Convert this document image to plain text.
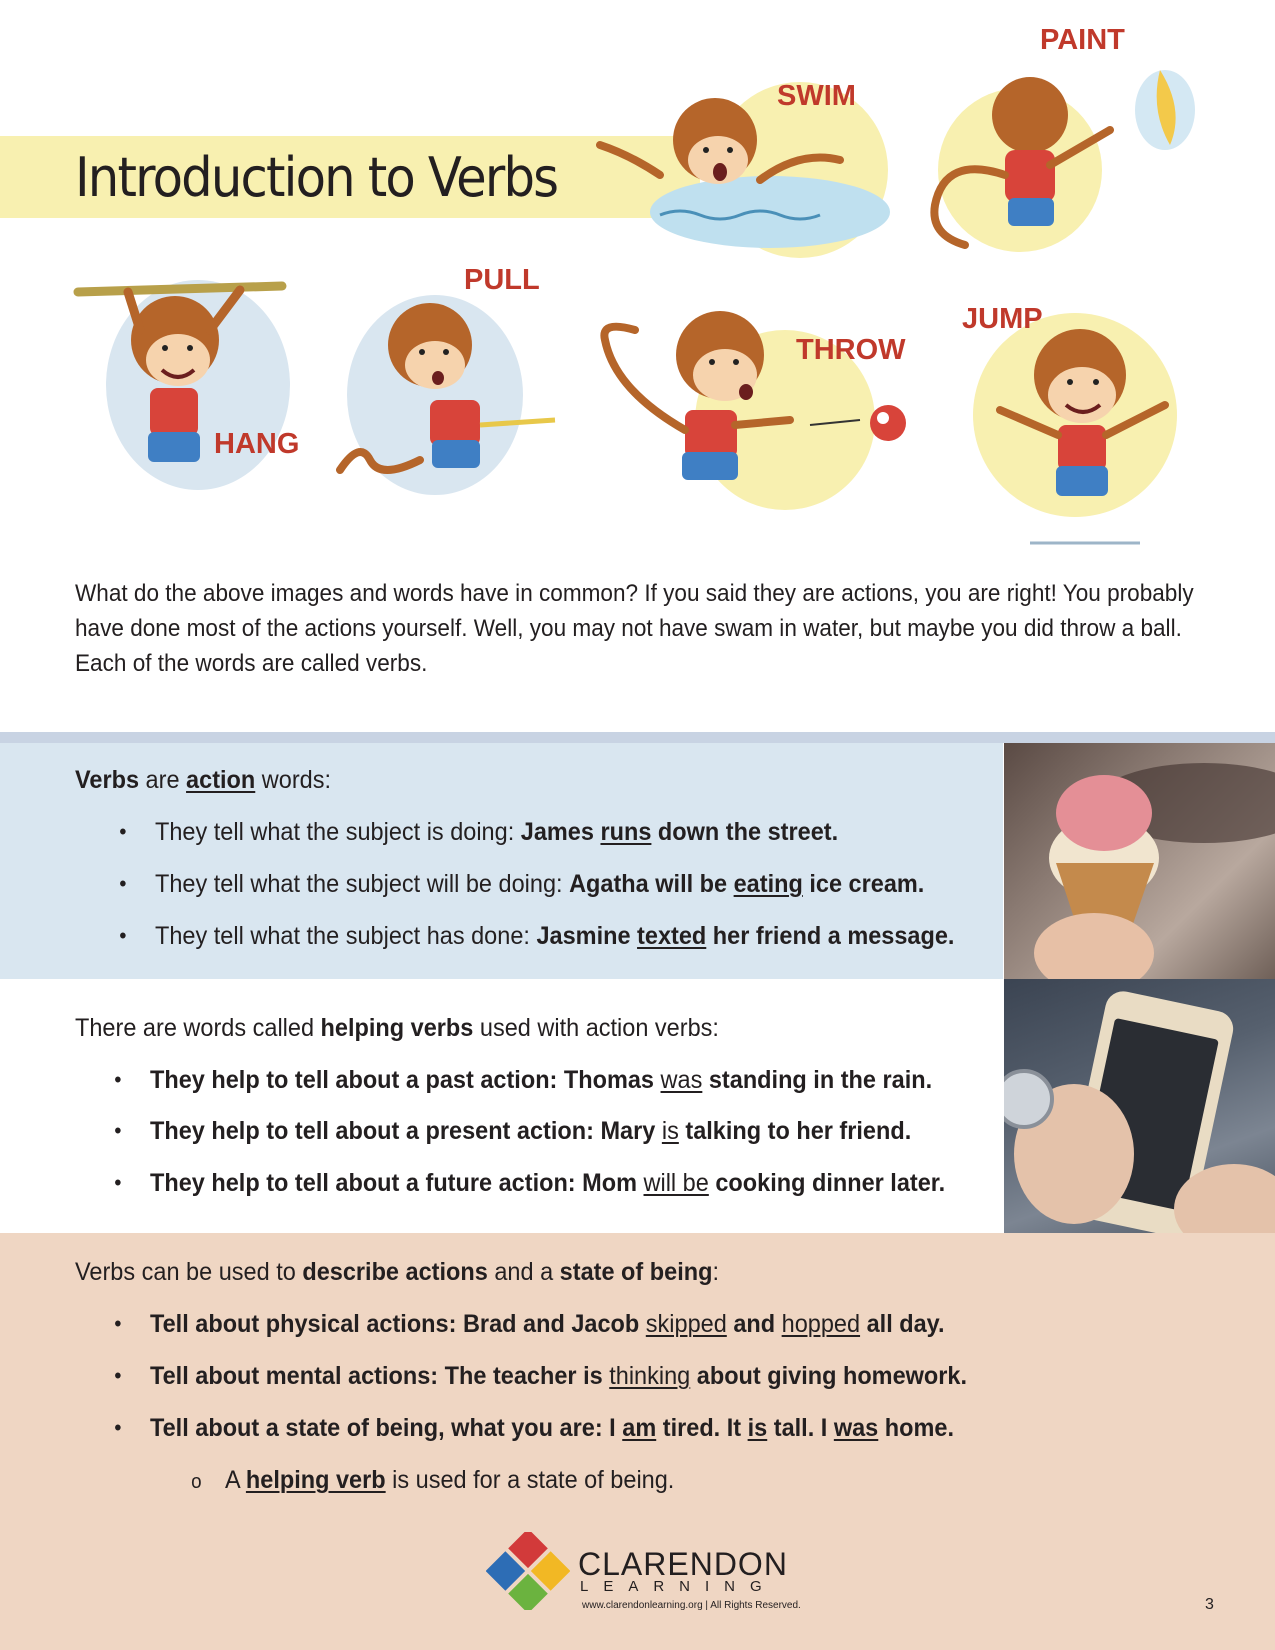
Introduction to Verbs
PAINT
SWIM
PULL
HANG
THROW
JUMP

What do the above images and words have in common? If you said they are actions, you are right! You probably have done most of the actions yourself. Well, you may not have swam in water, but maybe you did throw a ball. Each of the words are called verbs.

Verbs are action words:
• They tell what the subject is doing: James runs down the street.
• They tell what the subject will be doing: Agatha will be eating ice cream.
• They tell what the subject has done: Jasmine texted her friend a message.
There are words called helping verbs used with action verbs:
• They help to tell about a past action: Thomas was standing in the rain.
• They help to tell about a present action: Mary is talking to her friend.
• They help to tell about a future action: Mom will be cooking dinner later.
Verbs can be used to describe actions and a state of being:
• Tell about physical actions: Brad and Jacob skipped and hopped all day.
• Tell about mental actions: The teacher is thinking about giving homework.
• Tell about a state of being, what you are: I am tired. It is tall. I was home.
o A helping verb is used for a state of being.
CLARENDON
LEARNING
www.clarendonlearning.org | All Rights Reserved.	3
